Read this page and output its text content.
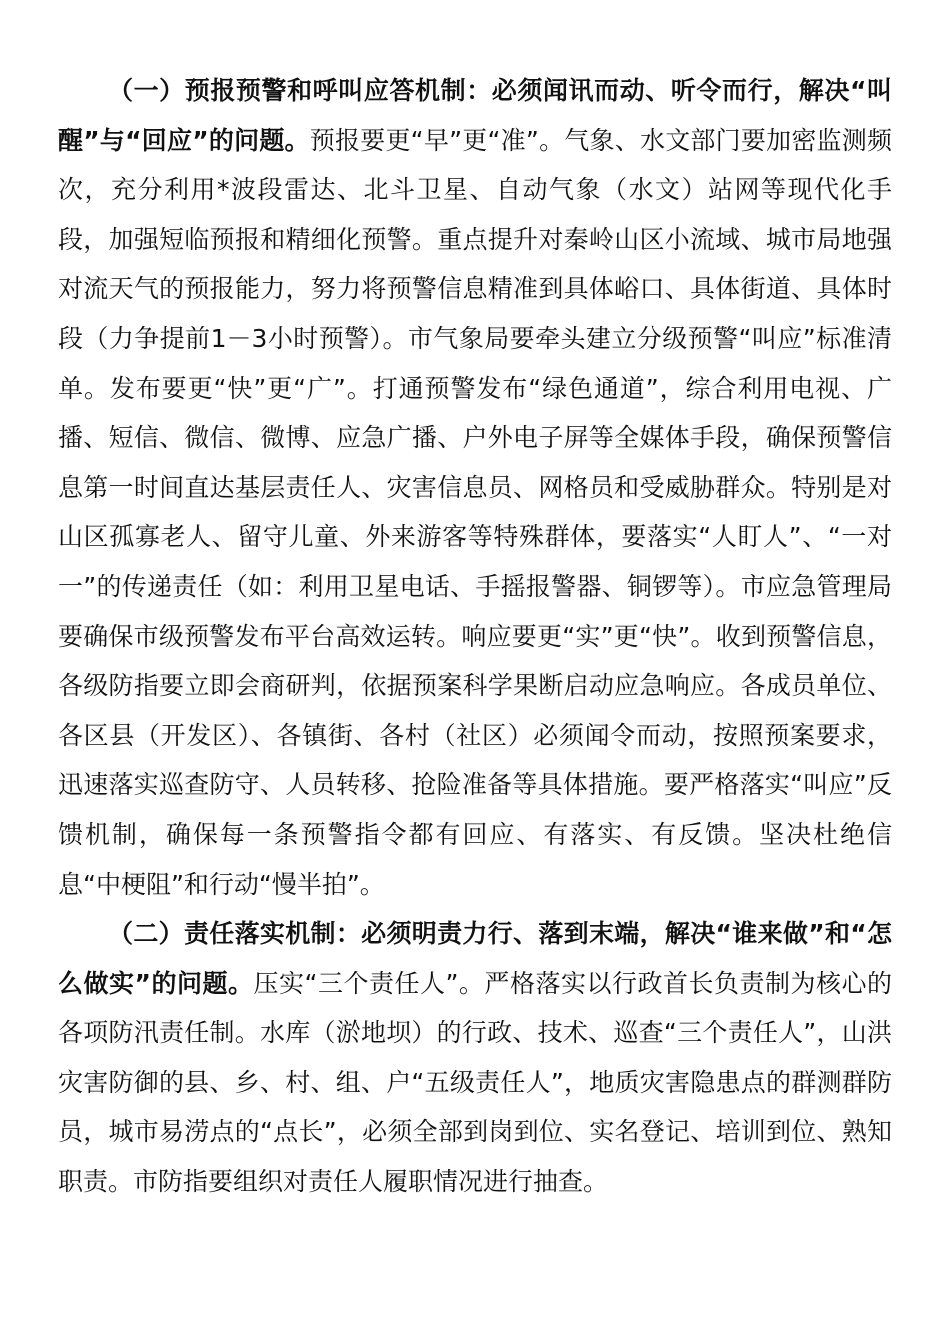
（一）预报预警和呼叫应答机制：必须闻讯而动、听令而行，解决“叫醒”与“回应”的问题。预报要更“早”更“准”。气象、水文部门要加密监测频次，充分利用*波段雷达、北斗卫星、自动气象（水文）站网等现代化手段，加强短临预报和精细化预警。重点提升对秦岭山区小流域、城市局地强对流天气的预报能力，努力将预警信息精准到具体峪口、具体街道、具体时段（力争提前1－3小时预警）。市气象局要牵头建立分级预警“叫应”标准清单。发布要更“快”更“广”。打通预警发布“绿色通道”，综合利用电视、广播、短信、微信、微博、应急广播、户外电子屏等全媒体手段，确保预警信息第一时间直达基层责任人、灾害信息员、网格员和受威胁群众。特别是对山区孤寡老人、留守儿童、外来游客等特殊群体，要落实“人盯人”、“一对一”的传递责任（如：利用卫星电话、手摇报警器、铜锣等）。市应急管理局要确保市级预警发布平台高效运转。响应要更“实”更“快”。收到预警信息，各级防指要立即会商研判，依据预案科学果断启动应急响应。各成员单位、各区县（开发区）、各镇街、各村（社区）必须闻令而动，按照预案要求，迅速落实巡查防守、人员转移、抢险准备等具体措施。要严格落实“叫应”反馈机制，确保每一条预警指令都有回应、有落实、有反馈。坚决杜绝信息“中梗阻”和行动“慢半拍”。

（二）责任落实机制：必须明责力行、落到末端，解决“谁来做”和“怎么做实”的问题。压实“三个责任人”。严格落实以行政首长负责制为核心的各项防汛责任制。水库（淤地坝）的行政、技术、巡查“三个责任人”，山洪灾害防御的县、乡、村、组、户“五级责任人”，地质灾害隐患点的群测群防员，城市易涝点的“点长”，必须全部到岗到位、实名登记、培训到位、熟知职责。市防指要组织对责任人履职情况进行抽查。
